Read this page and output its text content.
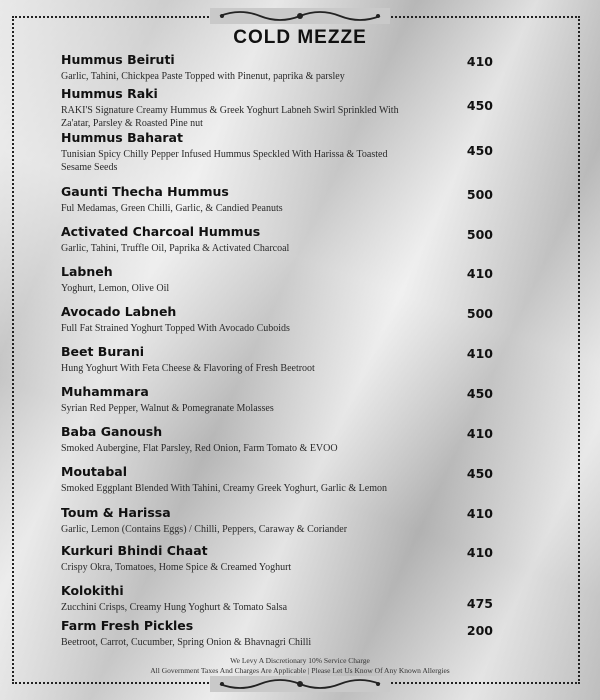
COLD MEZZE
Hummus Beiruti
Garlic, Tahini, Chickpea Paste Topped with Pinenut, paprika & parsley
410
Hummus Raki
RAKI'S Signature Creamy Hummus & Greek Yoghurt Labneh Swirl Sprinkled With Za'atar, Parsley & Roasted Pine nut
450
Hummus Baharat
Tunisian Spicy Chilly Pepper Infused Hummus Speckled With Harissa & Toasted Sesame Seeds
450
Gaunti Thecha Hummus
Ful Medamas, Green Chilli, Garlic, & Candied Peanuts
500
Activated Charcoal Hummus
Garlic, Tahini, Truffle Oil, Paprika & Activated Charcoal
500
Labneh
Yoghurt, Lemon, Olive Oil
410
Avocado Labneh
Full Fat Strained Yoghurt Topped With Avocado Cuboids
500
Beet Burani
Hung Yoghurt With Feta Cheese & Flavoring of Fresh Beetroot
410
Muhammara
Syrian Red Pepper, Walnut & Pomegranate Molasses
450
Baba Ganoush
Smoked Aubergine, Flat Parsley, Red Onion, Farm Tomato & EVOO
410
Moutabal
Smoked Eggplant Blended With Tahini, Creamy Greek Yoghurt, Garlic & Lemon
450
Toum & Harissa
Garlic, Lemon (Contains Eggs) / Chilli, Peppers, Caraway & Coriander
410
Kurkuri Bhindi Chaat
Crispy Okra, Tomatoes, Home Spice & Creamed Yoghurt
410
Kolokithi
Zucchini Crisps, Creamy Hung Yoghurt & Tomato Salsa	475
Farm Fresh Pickles
Beetroot, Carrot, Cucumber, Spring Onion & Bhavnagri Chilli
200
We Levy A Discretionary 10% Service Charge
All Government Taxes And Charges Are Applicable | Please Let Us Know Of Any Known Allergies
